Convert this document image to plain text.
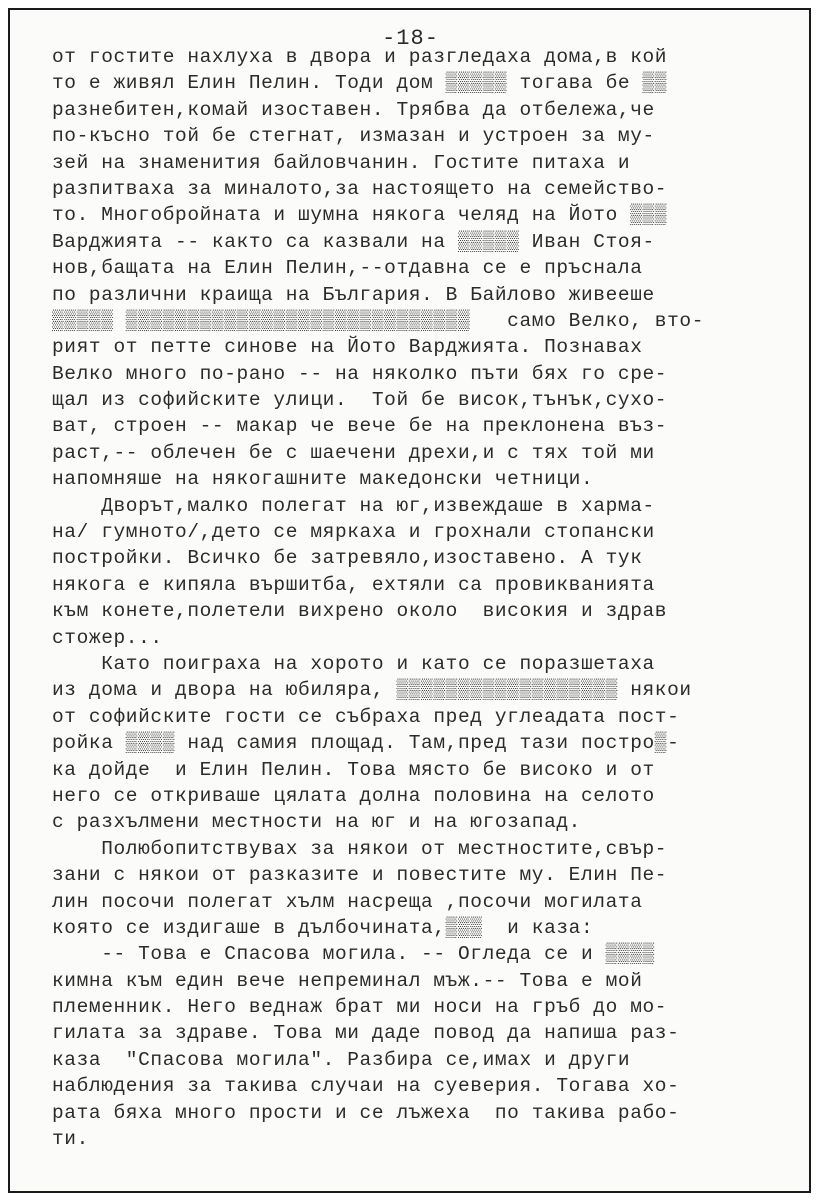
-18-
от гостите нахлуха в двора и разгледаха дома,в кой
то е живял Елин Пелин. Тоди дом ▒▒▒▒▒ тогава бе ▒▒
разнебитен,комай изоставен. Трябва да отбележа,че
по-късно той бе стегнат, измазан и устроен за му-
зей на знаменития байловчанин. Гостите питаха и
разпитваха за миналото,за настоящето на семейство-
то. Многобройната и шумна някога челяд на Йото ▒▒▒
Варджията -- както са казвали на ▒▒▒▒▒ Иван Стоя-
нов,бащата на Елин Пелин,--отдавна се е пръснала
по различни краища на България. В Байлово живееше
▒▒▒▒▒ ▒▒▒▒▒▒▒▒▒▒▒▒▒▒▒▒▒▒▒▒▒▒▒▒▒▒▒▒   само Велко, вто-
рият от петте синове на Йото Варджията. Познавах
Велко много по-рано -- на няколко пъти бях го сре-
щал из софийските улици.  Той бе висок,тънък,сухо-
ват, строен -- макар че вече бе на преклонена въз-
раст,-- облечен бе с шаечени дрехи,и с тях той ми
напомняше на някогашните македонски четници.
Дворът,малко полегат на юг,извеждаше в харма-
на/ гумното/,дето се мяркаха и грохнали стопански
постройки. Всичко бе затревяло,изоставено. А тук
някога е кипяла вършитба, ехтяли са провикванията
към конете,полетели вихрено около  високия и здрав
стожер...
Като поиграха на хорото и като се поразшетаха
из дома и двора на юбиляра, ▒▒▒▒▒▒▒▒▒▒▒▒▒▒▒▒▒▒ някои
от софийските гости се събраха пред углеадата пост-
ройка ▒▒▒▒ над самия площад. Там,пред тази постро▒-
ка дойде  и Елин Пелин. Това място бе високо и от
него се откриваше цялата долна половина на селото
с разхълмени местности на юг и на югозапад.
Полюбопитствувах за някои от местностите,свър-
зани с някои от разказите и повестите му. Елин Пе-
лин посочи полегат хълм насреща ,посочи могилата
която се издигаше в дълбочината,▒▒▒  и каза:
-- Това е Спасова могила. -- Огледа се и ▒▒▒▒
кимна към един вече непреминал мъж.-- Това е мой
племенник. Него веднаж брат ми носи на гръб до мо-
гилата за здраве. Това ми даде повод да напиша раз-
каза  "Спасова могила". Разбира се,имах и други
наблюдения за такива случаи на суеверия. Тогава хо-
рата бяха много прости и се лъжеха  по такива рабо-
ти.
